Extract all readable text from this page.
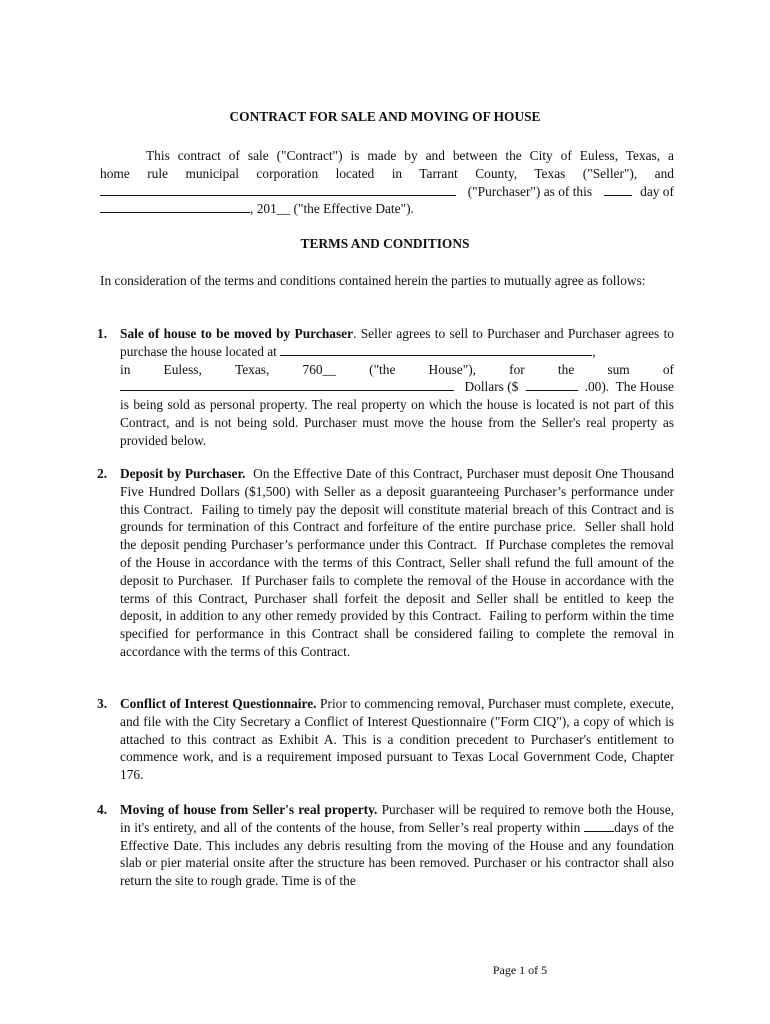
CONTRACT FOR SALE AND MOVING OF HOUSE
This contract of sale ("Contract") is made by and between the City of Euless, Texas, a
home rule municipal corporation located in Tarrant County, Texas ("Seller"), and
("Purchaser") as of this	day of
, 201__ ("the Effective Date").
TERMS AND CONDITIONS
In consideration of the terms and conditions contained herein the parties to mutually agree as follows:
1. Sale of house to be moved by Purchaser. Seller agrees to sell to Purchaser and Purchaser agrees to purchase the house located at	,
in Euless, Texas, 760__ ("the House"), for the sum of
Dollars ($	.00).  The House
is being sold as personal property. The real property on which the house is located is not part of this Contract, and is not being sold. Purchaser must move the house from the Seller's real property as provided below.
2. Deposit by Purchaser.  On the Effective Date of this Contract, Purchaser must deposit One Thousand Five Hundred Dollars ($1,500) with Seller as a deposit guaranteeing Purchaser’s performance under this Contract.  Failing to timely pay the deposit will constitute material breach of this Contract and is grounds for termination of this Contract and forfeiture of the entire purchase price.  Seller shall hold the deposit pending Purchaser’s performance under this Contract.  If Purchase completes the removal of the House in accordance with the terms of this Contract, Seller shall refund the full amount of the deposit to Purchaser.  If Purchaser fails to complete the removal of the House in accordance with the terms of this Contract, Purchaser shall forfeit the deposit and Seller shall be entitled to keep the deposit, in addition to any other remedy provided by this Contract.  Failing to perform within the time specified for performance in this Contract shall be considered failing to complete the removal in accordance with the terms of this Contract.
3. Conflict of Interest Questionnaire. Prior to commencing removal, Purchaser must complete, execute, and file with the City Secretary a Conflict of Interest Questionnaire ("Form CIQ"), a copy of which is attached to this contract as Exhibit A. This is a condition precedent to Purchaser's entitlement to commence work, and is a requirement imposed pursuant to Texas Local Government Code, Chapter 176.
4. Moving of house from Seller's real property. Purchaser will be required to remove both the House, in it's entirety, and all of the contents of the house, from Seller’s real property within days of the Effective Date. This includes any debris resulting from the moving of the House and any foundation slab or pier material onsite after the structure has been removed. Purchaser or his contractor shall also return the site to rough grade. Time is of the
Page 1 of 5
